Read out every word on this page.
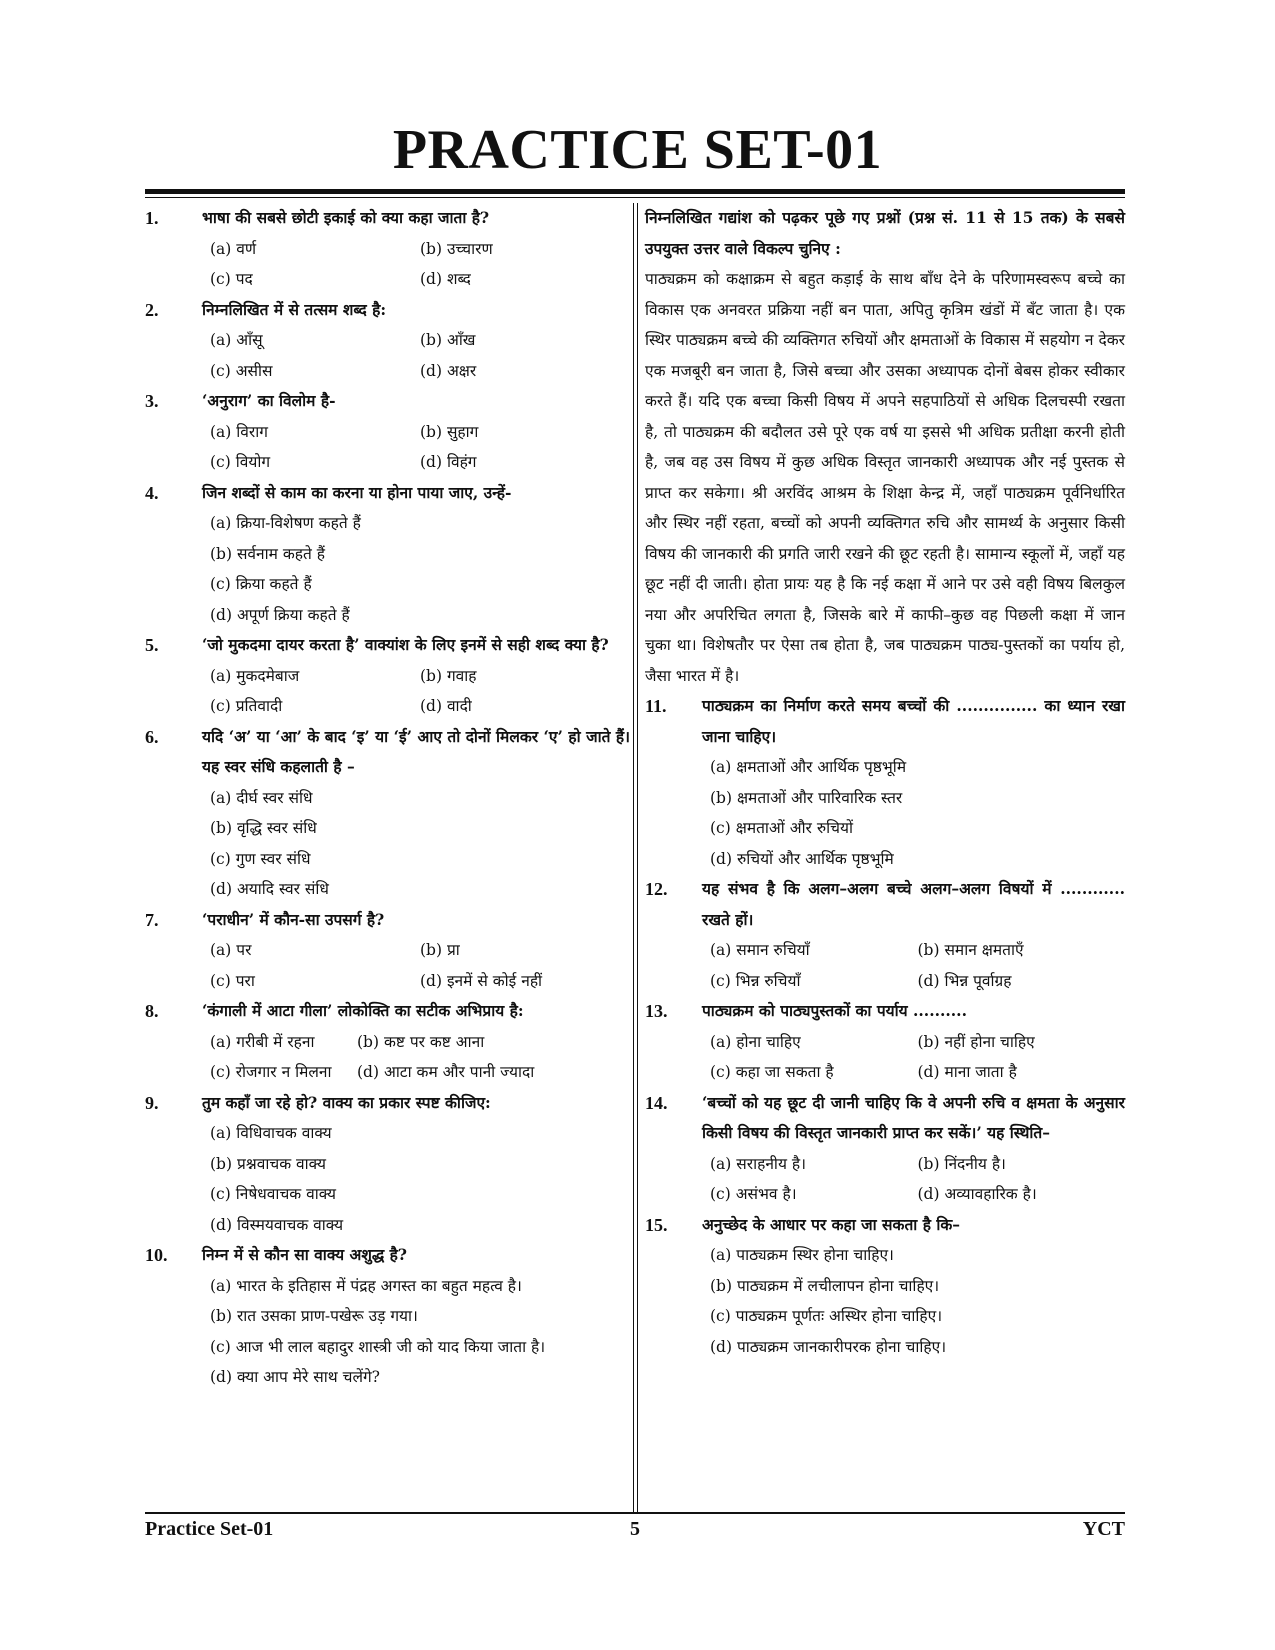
PRACTICE SET-01
1.	भाषा की सबसे छोटी इकाई को क्या कहा जाता है?
(a) वर्ण	(b) उच्चारण
(c) पद	(d) शब्द
2.	निम्नलिखित में से तत्सम शब्द है:
(a) आँसू	(b) आँख
(c) असीस	(d) अक्षर
3.	‘अनुराग’ का विलोम है-
(a) विराग	(b) सुहाग
(c) वियोग	(d) विहंग
4.	जिन शब्दों से काम का करना या होना पाया जाए, उन्हें-
(a) क्रिया-विशेषण कहते हैं
(b) सर्वनाम कहते हैं
(c) क्रिया कहते हैं
(d) अपूर्ण क्रिया कहते हैं
5.	‘जो मुकदमा दायर करता है’ वाक्यांश के लिए इनमें से सही शब्द क्या है?
(a) मुकदमेबाज	(b) गवाह
(c) प्रतिवादी	(d) वादी
6.	यदि ‘अ’ या ‘आ’ के बाद ‘इ’ या ‘ई’ आए तो दोनों मिलकर ‘ए’ हो जाते हैं। यह स्वर संधि कहलाती है –
(a) दीर्घ स्वर संधि
(b) वृद्धि स्वर संधि
(c) गुण स्वर संधि
(d) अयादि स्वर संधि
7.	‘पराधीन’ में कौन-सा उपसर्ग है?
(a) पर	(b) प्रा
(c) परा	(d) इनमें से कोई नहीं
8.	‘कंगाली में आटा गीला’ लोकोक्ति का सटीक अभिप्राय है:
(a) गरीबी में रहना	(b) कष्ट पर कष्ट आना
(c) रोजगार न मिलना	(d) आटा कम और पानी ज्यादा
9.	तुम कहाँ जा रहे हो? वाक्य का प्रकार स्पष्ट कीजिए:
(a) विधिवाचक वाक्य
(b) प्रश्नवाचक वाक्य
(c) निषेधवाचक वाक्य
(d) विस्मयवाचक वाक्य
10. निम्न में से कौन सा वाक्य अशुद्ध है?
(a) भारत के इतिहास में पंद्रह अगस्त का बहुत महत्व है।
(b) रात उसका प्राण-पखेरू उड़ गया।
(c) आज भी लाल बहादुर शास्त्री जी को याद किया जाता है।
(d) क्या आप मेरे साथ चलेंगे?
निम्नलिखित गद्यांश को पढ़कर पूछे गए प्रश्नों (प्रश्न सं. 11 से 15 तक) के सबसे उपयुक्त उत्तर वाले विकल्प चुनिए :
पाठ्यक्रम को कक्षाक्रम से बहुत कड़ाई के साथ बाँध देने के परिणामस्वरूप बच्चे का विकास एक अनवरत प्रक्रिया नहीं बन पाता, अपितु कृत्रिम खंडों में बँट जाता है। एक स्थिर पाठ्यक्रम बच्चे की व्यक्तिगत रुचियों और क्षमताओं के विकास में सहयोग न देकर एक मजबूरी बन जाता है, जिसे बच्चा और उसका अध्यापक दोनों बेबस होकर स्वीकार करते हैं। यदि एक बच्चा किसी विषय में अपने सहपाठियों से अधिक दिलचस्पी रखता है, तो पाठ्यक्रम की बदौलत उसे पूरे एक वर्ष या इससे भी अधिक प्रतीक्षा करनी होती है, जब वह उस विषय में कुछ अधिक विस्तृत जानकारी अध्यापक और नई पुस्तक से प्राप्त कर सकेगा। श्री अरविंद आश्रम के शिक्षा केन्द्र में, जहाँ पाठ्यक्रम पूर्वनिर्धारित और स्थिर नहीं रहता, बच्चों को अपनी व्यक्तिगत रुचि और सामर्थ्य के अनुसार किसी विषय की जानकारी की प्रगति जारी रखने की छूट रहती है। सामान्य स्कूलों में, जहाँ यह छूट नहीं दी जाती। होता प्रायः यह है कि नई कक्षा में आने पर उसे वही विषय बिलकुल नया और अपरिचित लगता है, जिसके बारे में काफी–कुछ वह पिछली कक्षा में जान चुका था। विशेषतौर पर ऐसा तब होता है, जब पाठ्यक्रम पाठ्य-पुस्तकों का पर्याय हो, जैसा भारत में है।
11. पाठ्यक्रम का निर्माण करते समय बच्चों की ............... का ध्यान रखा जाना चाहिए।
(a) क्षमताओं और आर्थिक पृष्ठभूमि
(b) क्षमताओं और पारिवारिक स्तर
(c) क्षमताओं और रुचियों
(d) रुचियों और आर्थिक पृष्ठभूमि
12. यह संभव है कि अलग–अलग बच्चे अलग–अलग विषयों में ............ रखते हों।
(a) समान रुचियाँ	(b) समान क्षमताएँ
(c) भिन्न रुचियाँ	(d) भिन्न पूर्वाग्रह
13. पाठ्यक्रम को पाठ्यपुस्तकों का पर्याय ..........
(a) होना चाहिए	(b) नहीं होना चाहिए
(c) कहा जा सकता है	(d) माना जाता है
14. ‘बच्चों को यह छूट दी जानी चाहिए कि वे अपनी रुचि व क्षमता के अनुसार किसी विषय की विस्तृत जानकारी प्राप्त कर सकें।’ यह स्थिति–
(a) सराहनीय है।	(b) निंदनीय है।
(c) असंभव है।	(d) अव्यावहारिक है।
15. अनुच्छेद के आधार पर कहा जा सकता है कि–
(a) पाठ्यक्रम स्थिर होना चाहिए।
(b) पाठ्यक्रम में लचीलापन होना चाहिए।
(c) पाठ्यक्रम पूर्णतः अस्थिर होना चाहिए।
(d) पाठ्यक्रम जानकारीपरक होना चाहिए।
Practice Set-01	5	YCT
